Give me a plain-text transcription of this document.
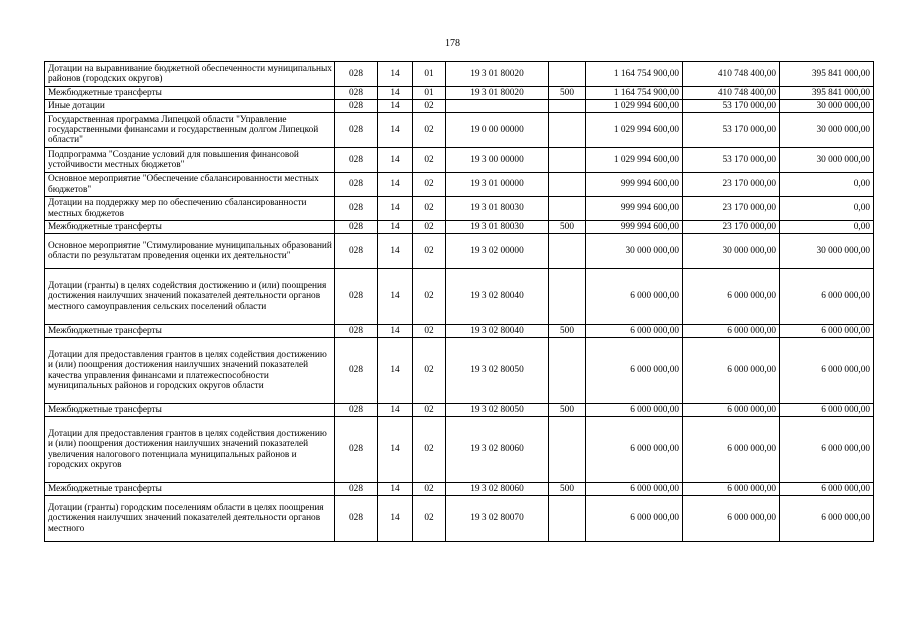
178
Дотации на выравнивание бюджетной обеспеченности муниципальных районов (городских округов)	028	14	01	19 3 01 80020		1 164 754 900,00	410 748 400,00	395 841 000,00
Межбюджетные трансферты	028	14	01	19 3 01 80020	500	1 164 754 900,00	410 748 400,00	395 841 000,00
Иные дотации	028	14	02			1 029 994 600,00	53 170 000,00	30 000 000,00
Государственная программа Липецкой области "Управление государственными финансами и государственным долгом Липецкой области"	028	14	02	19 0 00 00000		1 029 994 600,00	53 170 000,00	30 000 000,00
Подпрограмма "Создание условий для повышения финансовой устойчивости местных бюджетов"	028	14	02	19 3 00 00000		1 029 994 600,00	53 170 000,00	30 000 000,00
Основное мероприятие "Обеспечение сбалансированности местных бюджетов"	028	14	02	19 3 01 00000		999 994 600,00	23 170 000,00	0,00
Дотации на поддержку мер по обеспечению сбалансированности местных бюджетов	028	14	02	19 3 01 80030		999 994 600,00	23 170 000,00	0,00
Межбюджетные трансферты	028	14	02	19 3 01 80030	500	999 994 600,00	23 170 000,00	0,00
Основное мероприятие "Стимулирование муниципальных образований области по результатам проведения оценки их деятельности"	028	14	02	19 3 02 00000		30 000 000,00	30 000 000,00	30 000 000,00
Дотации (гранты) в целях содействия достижению и (или) поощрения достижения наилучших значений показателей деятельности органов местного самоуправления сельских поселений области	028	14	02	19 3 02 80040		6 000 000,00	6 000 000,00	6 000 000,00
Межбюджетные трансферты	028	14	02	19 3 02 80040	500	6 000 000,00	6 000 000,00	6 000 000,00
Дотации для предоставления грантов в целях содействия достижению и (или) поощрения достижения наилучших значений показателей качества управления финансами и платежеспособности муниципальных районов и городских округов области	028	14	02	19 3 02 80050		6 000 000,00	6 000 000,00	6 000 000,00
Межбюджетные трансферты	028	14	02	19 3 02 80050	500	6 000 000,00	6 000 000,00	6 000 000,00
Дотации для предоставления грантов в целях содействия достижению и (или) поощрения достижения наилучших значений показателей увеличения налогового потенциала муниципальных районов и городских округов	028	14	02	19 3 02 80060		6 000 000,00	6 000 000,00	6 000 000,00
Межбюджетные трансферты	028	14	02	19 3 02 80060	500	6 000 000,00	6 000 000,00	6 000 000,00
Дотации (гранты) городским поселениям области в целях поощрения достижения наилучших значений показателей деятельности органов местного	028	14	02	19 3 02 80070		6 000 000,00	6 000 000,00	6 000 000,00
